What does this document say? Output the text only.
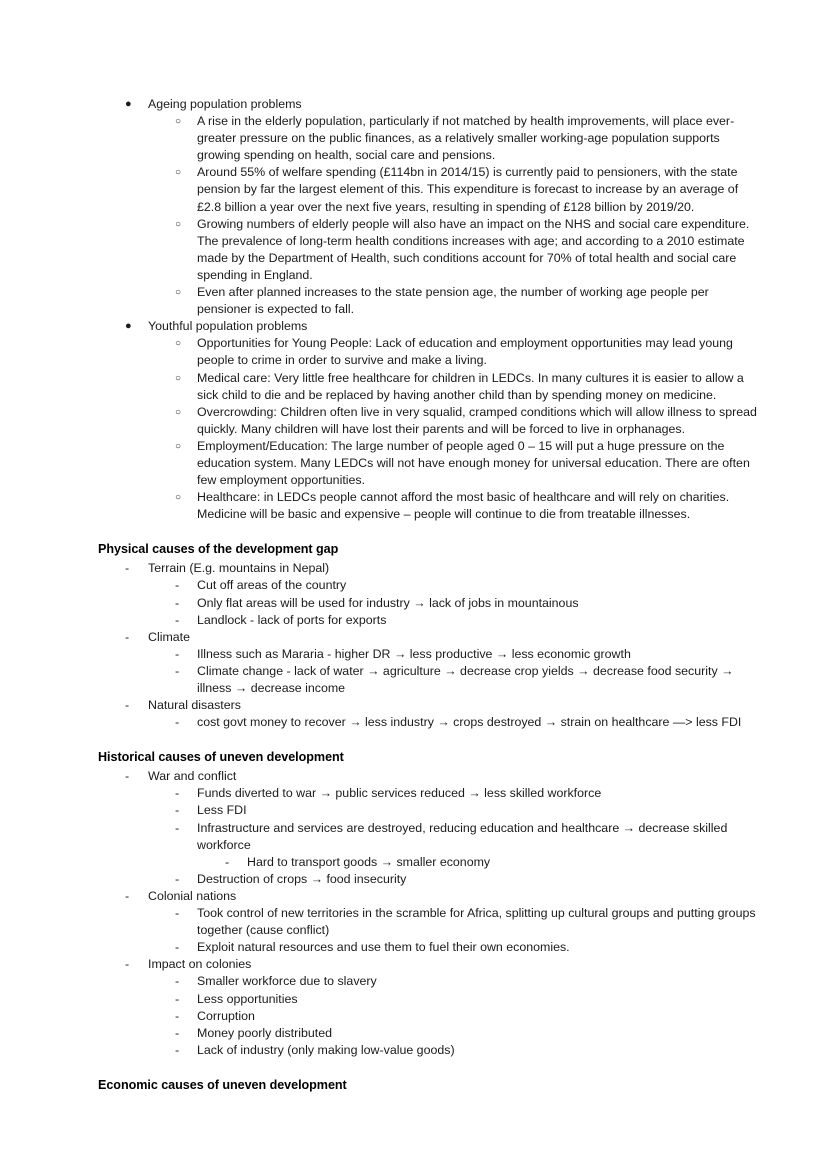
●	Ageing population problems
○	A rise in the elderly population, particularly if not matched by health improvements, will place ever-greater pressure on the public finances, as a relatively smaller working-age population supports growing spending on health, social care and pensions.
○	Around 55% of welfare spending (£114bn in 2014/15) is currently paid to pensioners, with the state pension by far the largest element of this. This expenditure is forecast to increase by an average of £2.8 billion a year over the next five years, resulting in spending of £128 billion by 2019/20.
○	Growing numbers of elderly people will also have an impact on the NHS and social care expenditure. The prevalence of long-term health conditions increases with age; and according to a 2010 estimate made by the Department of Health, such conditions account for 70% of total health and social care spending in England.
○	Even after planned increases to the state pension age, the number of working age people per pensioner is expected to fall.
●	Youthful population problems
○	Opportunities for Young People: Lack of education and employment opportunities may lead young people to crime in order to survive and make a living.
○	Medical care: Very little free healthcare for children in LEDCs. In many cultures it is easier to allow a sick child to die and be replaced by having another child than by spending money on medicine.
○	Overcrowding: Children often live in very squalid, cramped conditions which will allow illness to spread quickly. Many children will have lost their parents and will be forced to live in orphanages.
○	Employment/Education: The large number of people aged 0 – 15 will put a huge pressure on the education system. Many LEDCs will not have enough money for universal education. There are often few employment opportunities.
○	Healthcare: in LEDCs people cannot afford the most basic of healthcare and will rely on charities. Medicine will be basic and expensive – people will continue to die from treatable illnesses.
Physical causes of the development gap
-	Terrain (E.g. mountains in Nepal)
-	Cut off areas of the country
-	Only flat areas will be used for industry → lack of jobs in mountainous
-	Landlock - lack of ports for exports
-	Climate
-	Illness such as Mararia - higher DR → less productive → less economic growth
-	Climate change - lack of water → agriculture → decrease crop yields → decrease food security → illness → decrease income
-	Natural disasters
-	cost govt money to recover → less industry → crops destroyed → strain on healthcare —> less FDI
Historical causes of uneven development
-	War and conflict
-	Funds diverted to war → public services reduced → less skilled workforce
-	Less FDI
-	Infrastructure and services are destroyed, reducing education and healthcare → decrease skilled workforce
-	Hard to transport goods → smaller economy
-	Destruction of crops → food insecurity
-	Colonial nations
-	Took control of new territories in the scramble for Africa, splitting up cultural groups and putting groups together (cause conflict)
-	Exploit natural resources and use them to fuel their own economies.
-	Impact on colonies
-	Smaller workforce due to slavery
-	Less opportunities
-	Corruption
-	Money poorly distributed
-	Lack of industry (only making low-value goods)
Economic causes of uneven development
